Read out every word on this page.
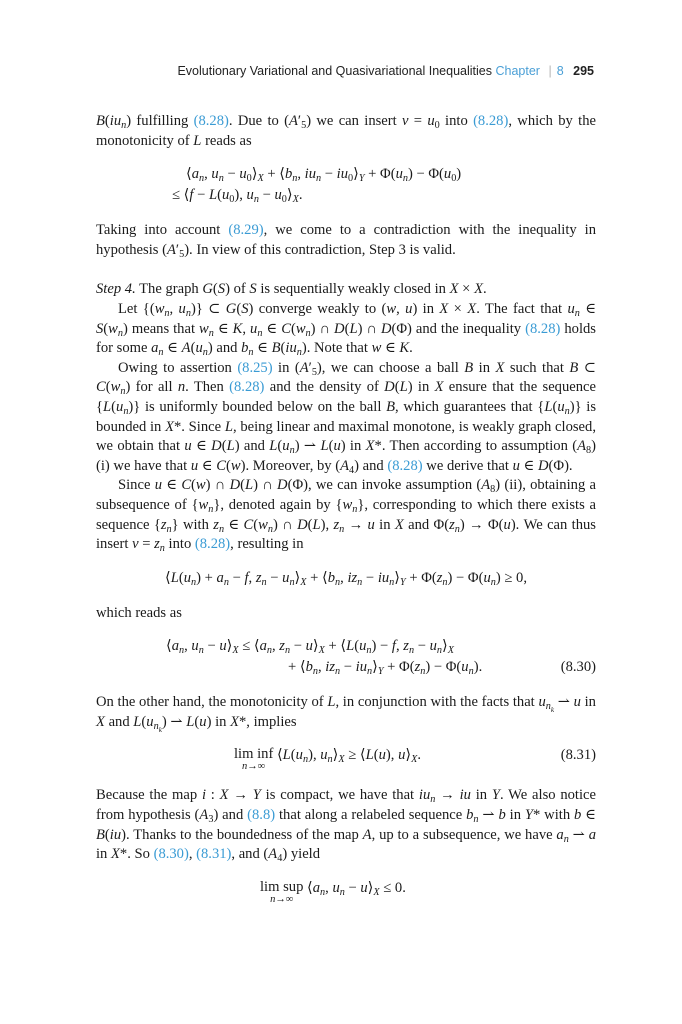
Evolutionary Variational and Quasivariational Inequalities Chapter | 8 295

$B(iu_n)$ fulfilling (8.28). Due to $(A'_5)$ we can insert $v = u_0$ into (8.28), which by the monotonicity of L reads as

$⟨a_n$, $u_n$ − $u_0⟩_X$ + $⟨b_n$, $iu_n$ − $iu_0⟩_Y + \Phi(u_n) - \Phi(u_0)$
≤ ⟨f − $L(u_0)$, $u_n$ − $u_0⟩_X$.

Taking into account (8.29), we come to a contradiction with the inequality in hypothesis $(A'_5)$. In view of this contradiction, Step 3 is valid.

Step 4. The graph G(S) of S is sequentially weakly closed in X × X.

Let {($w_n$, $u_n$)} ⊂ G(S) converge weakly to (w, u) in X × X. The fact that $u_n$ ∈ $S(w_n)$ means that $w_n$ ∈ K, $u_n$ ∈ $C(w_n)$ ∩ D(L) ∩ D(Φ) and the inequality (8.28) holds for some $a_n$ ∈ $A(u_n)$ and $b_n$ ∈ $B(iu_n)$. Note that w ∈ K.

Owing to assertion (8.25) in $(A'_5)$, we can choose a ball B in X such that B ⊂ $C(w_n)$ for all n. Then (8.28) and the density of D(L) in X ensure that the sequence $\{L(u_n)\}$ is uniformly bounded below on the ball B, which guarantees that $\{L(u_n)\}$ is bounded in X*. Since L, being linear and maximal monotone, is weakly graph closed, we obtain that u ∈ D(L) and $L(u_n)$ ⇀ L(u) in X*. Then according to assumption $(A_8)$ (i) we have that u ∈ C(w). Moreover, by $(A_4)$ and (8.28) we derive that u ∈ D(Φ).

Since u ∈ C(w) ∩ D(L) ∩ D(Φ), we can invoke assumption $(A_8)$ (ii), obtaining a subsequence of $\{w_n\}$, denoted again by $\{w_n\}$, corresponding to which there exists a sequence $\{z_n\}$ with $z_n$ ∈ $C(w_n)$ ∩ D(L), $z_n \to u$ in X and $\Phi(z_n) \to \Phi(u)$. We can thus insert $v = z_n$ into (8.28), resulting in

$⟨L(u_n) + a_n - f$, $z_n$ − $u_n⟩_X$ + $⟨b_n$, $iz_n$ − $iu_n⟩_Y + \Phi(z_n) - \Phi(u_n) \ge 0$,

which reads as

$⟨a_n$, $u_n$ − $u⟩_X$ ≤ $⟨a_n$, $z_n$ − $u⟩_X$ + $⟨L(u_n) - f$, $z_n$ − $u_n⟩_X$
+ $⟨b_n$, $iz_n$ − $iu_n⟩_Y + \Phi(z_n) - \Phi(u_n)$.	(8.30)

On the other hand, the monotonicity of L, in conjunction with the facts that $u_{n_k}$ ⇀ u in X and $L(u_{n_k})$ ⇀ L(u) in X*, implies

lim inf
n→∞
$⟨L(u_n)$, $u_n⟩_X$ ≥ ⟨L(u), $u⟩_X$.	(8.31)

Because the map i : X → Y is compact, we have that $iu_n$ → iu in Y. We also notice from hypothesis $(A_3)$ and (8.8) that along a relabeled sequence $b_n$ ⇀ b in Y* with b ∈ B(iu). Thanks to the boundedness of the map A, up to a subsequence, we have $a_n$ ⇀ a in X*. So (8.30), (8.31), and $(A_4)$ yield

lim sup
n→∞
$⟨a_n$, $u_n$ − $u⟩_X \le 0$.
